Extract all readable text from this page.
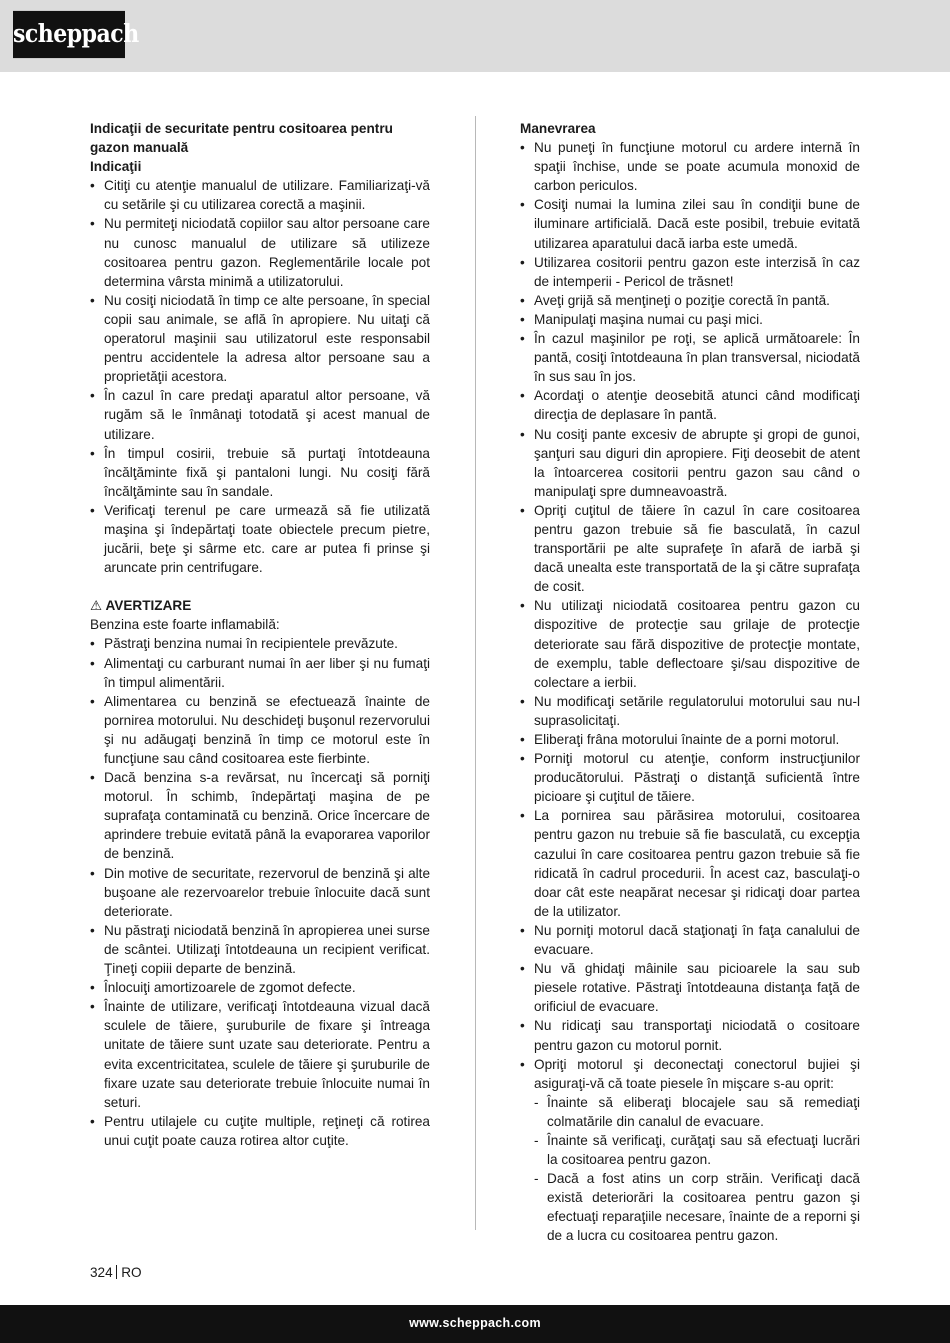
scheppach

Indicaţii de securitate pentru cositoarea pentru gazon manuală

Indicaţii

• Citiţi cu atenţie manualul de utilizare. Familiarizaţi-vă cu setările şi cu utilizarea corectă a maşinii.
• Nu permiteţi niciodată copiilor sau altor persoane care nu cunosc manualul de utilizare să utilizeze cositoarea pentru gazon. Reglementările locale pot determina vârsta minimă a utilizatorului.
• Nu cosiţi niciodată în timp ce alte persoane, în special copii sau animale, se află în apropiere. Nu uitaţi că operatorul maşinii sau utilizatorul este responsabil pentru accidentele la adresa altor persoane sau a proprietăţii acestora.
• În cazul în care predaţi aparatul altor persoane, vă rugăm să le înmânaţi totodată şi acest manual de utilizare.
• În timpul cosirii, trebuie să purtaţi întotdeauna încălţăminte fixă şi pantaloni lungi. Nu cosiţi fără încălţăminte sau în sandale.
• Verificaţi terenul pe care urmează să fie utilizată maşina şi îndepărtaţi toate obiectele precum pietre, jucării, beţe şi sârme etc. care ar putea fi prinse şi aruncate prin centrifugare.

⚠ AVERTIZARE

Benzina este foarte inflamabilă:

• Păstraţi benzina numai în recipientele prevăzute.
• Alimentaţi cu carburant numai în aer liber şi nu fumaţi în timpul alimentării.
• Alimentarea cu benzină se efectuează înainte de pornirea motorului. Nu deschideţi buşonul rezervorului şi nu adăugaţi benzină în timp ce motorul este în funcţiune sau când cositoarea este fierbinte.
• Dacă benzina s-a revărsat, nu încercaţi să porniţi motorul. În schimb, îndepărtaţi maşina de pe suprafaţa contaminată cu benzină. Orice încercare de aprindere trebuie evitată până la evaporarea vaporilor de benzină.
• Din motive de securitate, rezervorul de benzină şi alte buşoane ale rezervoarelor trebuie înlocuite dacă sunt deteriorate.
• Nu păstraţi niciodată benzină în apropierea unei surse de scântei. Utilizaţi întotdeauna un recipient verificat. Ţineţi copiii departe de benzină.
• Înlocuiţi amortizoarele de zgomot defecte.
• Înainte de utilizare, verificaţi întotdeauna vizual dacă sculele de tăiere, şuruburile de fixare şi întreaga unitate de tăiere sunt uzate sau deteriorate. Pentru a evita excentricitatea, sculele de tăiere şi şuruburile de fixare uzate sau deteriorate trebuie înlocuite numai în seturi.
• Pentru utilajele cu cuţite multiple, reţineţi că rotirea unui cuţit poate cauza rotirea altor cuţite.

Manevrarea

• Nu puneţi în funcţiune motorul cu ardere internă în spaţii închise, unde se poate acumula monoxid de carbon periculos.
• Cosiţi numai la lumina zilei sau în condiţii bune de iluminare artificială. Dacă este posibil, trebuie evitată utilizarea aparatului dacă iarba este umedă.
• Utilizarea cositorii pentru gazon este interzisă în caz de intemperii - Pericol de trăsnet!
• Aveţi grijă să menţineţi o poziţie corectă în pantă.
• Manipulaţi maşina numai cu paşi mici.
• În cazul maşinilor pe roţi, se aplică următoarele: În pantă, cosiţi întotdeauna în plan transversal, niciodată în sus sau în jos.
• Acordaţi o atenţie deosebită atunci când modificaţi direcţia de deplasare în pantă.
• Nu cosiţi pante excesiv de abrupte şi gropi de gunoi, şanţuri sau diguri din apropiere. Fiţi deosebit de atent la întoarcerea cositorii pentru gazon sau când o manipulaţi spre dumneavoastră.
• Opriţi cuţitul de tăiere în cazul în care cositoarea pentru gazon trebuie să fie basculată, în cazul transportării pe alte suprafeţe în afară de iarbă şi dacă unealta este transportată de la şi către suprafaţa de cosit.
• Nu utilizaţi niciodată cositoarea pentru gazon cu dispozitive de protecţie sau grilaje de protecţie deteriorate sau fără dispozitive de protecţie montate, de exemplu, table deflectoare şi/sau dispozitive de colectare a ierbii.
• Nu modificaţi setările regulatorului motorului sau nu-l suprasolicitaţi.
• Eliberaţi frâna motorului înainte de a porni motorul.
• Porniţi motorul cu atenţie, conform instrucţiunilor producătorului. Păstraţi o distanţă suficientă între picioare şi cuţitul de tăiere.
• La pornirea sau părăsirea motorului, cositoarea pentru gazon nu trebuie să fie basculată, cu excepţia cazului în care cositoarea pentru gazon trebuie să fie ridicată în cadrul procedurii. În acest caz, basculaţi-o doar cât este neapărat necesar şi ridicaţi doar partea de la utilizator.
• Nu porniţi motorul dacă staţionaţi în faţa canalului de evacuare.
• Nu vă ghidaţi mâinile sau picioarele la sau sub piesele rotative. Păstraţi întotdeauna distanţa faţă de orificiul de evacuare.
• Nu ridicaţi sau transportaţi niciodată o cositoare pentru gazon cu motorul pornit.
• Opriţi motorul şi deconectaţi conectorul bujiei şi asiguraţi-vă că toate piesele în mişcare s-au oprit:
- Înainte să eliberaţi blocajele sau să remediaţi colmatările din canalul de evacuare.
- Înainte să verificaţi, curăţaţi sau să efectuaţi lucrări la cositoarea pentru gazon.
- Dacă a fost atins un corp străin. Verificaţi dacă există deteriorări la cositoarea pentru gazon şi efectuaţi reparaţiile necesare, înainte de a reporni şi de a lucra cu cositoarea pentru gazon.
324 RO
www.scheppach.com
